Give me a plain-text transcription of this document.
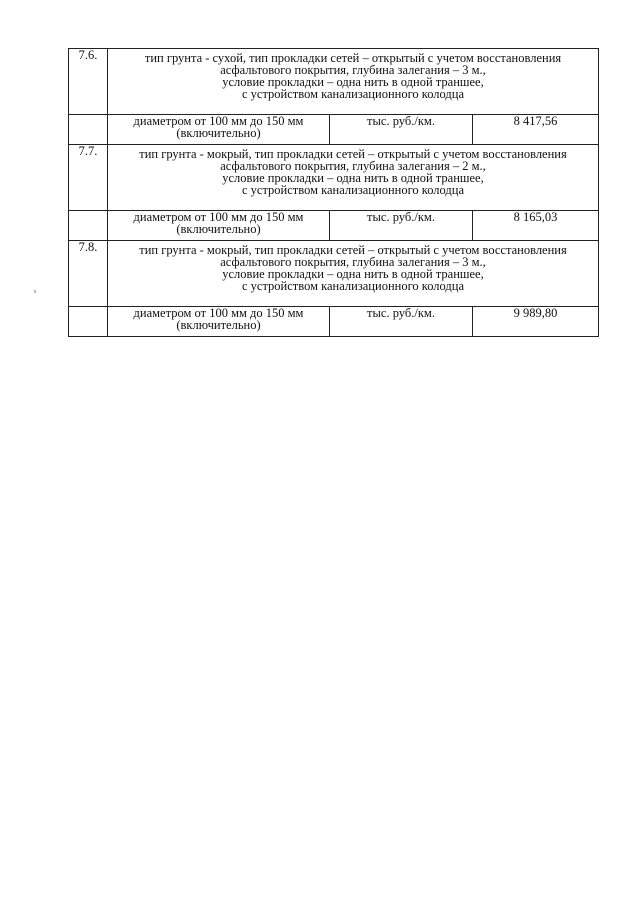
7.6.	тип грунта - сухой, тип прокладки сетей – открытый с учетом восстановления
асфальтового покрытия, глубина залегания – 3 м.,
условие прокладки – одна нить в одной траншее,
с устройством канализационного колодца		

	диаметром от 100 мм до 150 мм
(включительно)	тыс. руб./км.	8 417,56
7.7.	тип грунта - мокрый, тип прокладки сетей – открытый с учетом восстановления
асфальтового покрытия, глубина залегания – 2 м.,
условие прокладки – одна нить в одной траншее,
с устройством канализационного колодца		

	диаметром от 100 мм до 150 мм
(включительно)	тыс. руб./км.	8 165,03
7.8.	тип грунта - мокрый, тип прокладки сетей – открытый с учетом восстановления
асфальтового покрытия, глубина залегания – 3 м.,
условие прокладки – одна нить в одной траншее,
с устройством канализационного колодца		

	диаметром от 100 мм до 150 мм
(включительно)	тыс. руб./км.	9 989,80
